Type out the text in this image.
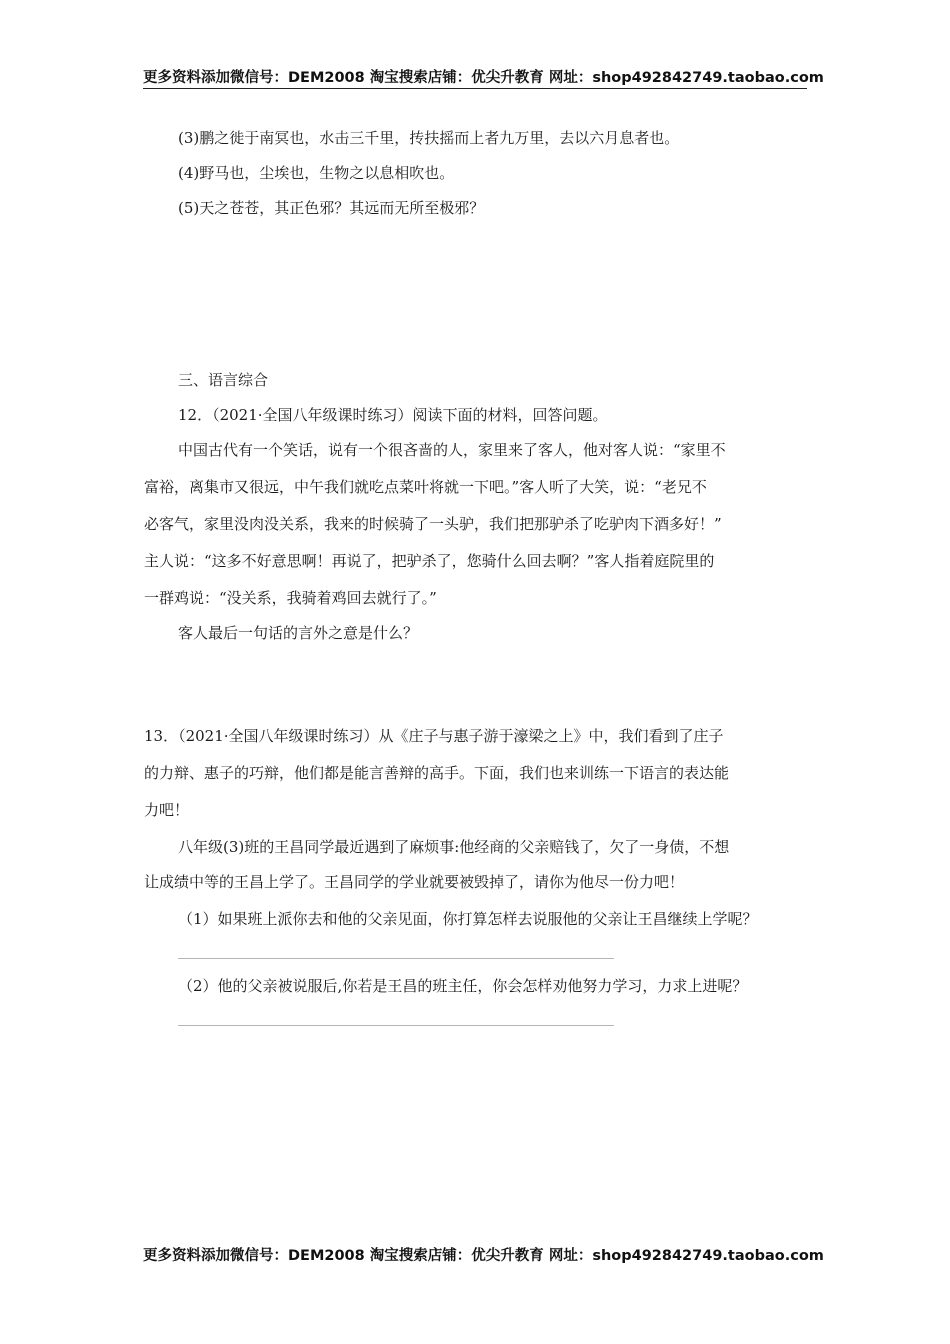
更多资料添加微信号：DEM2008 淘宝搜索店铺：优尖升教育 网址：shop492842749.taobao.com
(3)鹏之徙于南冥也，水击三千里，抟扶摇而上者九万里，去以六月息者也。
(4)野马也，尘埃也，生物之以息相吹也。
(5)天之苍苍，其正色邪？其远而无所至极邪？
三、语言综合
12．（2021·全国八年级课时练习）阅读下面的材料，回答问题。
中国古代有一个笑话，说有一个很吝啬的人，家里来了客人，他对客人说：“家里不
富裕，离集市又很远，中午我们就吃点菜叶将就一下吧。”客人听了大笑，说：“老兄不
必客气，家里没肉没关系，我来的时候骑了一头驴，我们把那驴杀了吃驴肉下酒多好！”
主人说：“这多不好意思啊！再说了，把驴杀了，您骑什么回去啊？”客人指着庭院里的
一群鸡说：“没关系，我骑着鸡回去就行了。”
客人最后一句话的言外之意是什么？
13．（2021·全国八年级课时练习）从《庄子与惠子游于濠梁之上》中，我们看到了庄子
的力辩、惠子的巧辩，他们都是能言善辩的高手。下面，我们也来训练一下语言的表达能
力吧！
八年级(3)班的王昌同学最近遇到了麻烦事:他经商的父亲赔钱了，欠了一身债，不想
让成绩中等的王昌上学了。王昌同学的学业就要被毁掉了，请你为他尽一份力吧！
（1）如果班上派你去和他的父亲见面，你打算怎样去说服他的父亲让王昌继续上学呢？
（2）他的父亲被说服后,你若是王昌的班主任，你会怎样劝他努力学习，力求上进呢？
更多资料添加微信号：DEM2008 淘宝搜索店铺：优尖升教育 网址：shop492842749.taobao.com
